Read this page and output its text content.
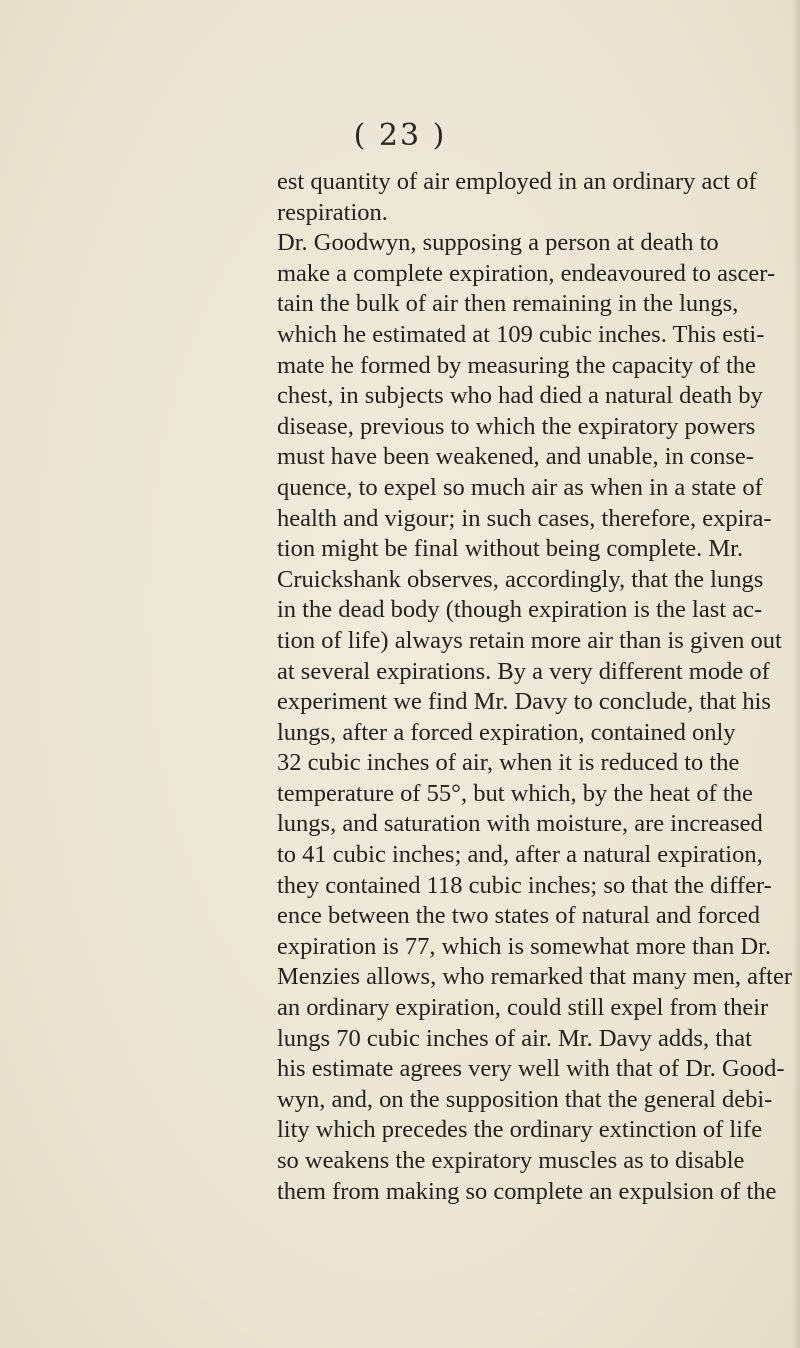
( 23 )
est quantity of air employed in an ordinary act of
respiration.
Dr. Goodwyn, supposing a person at death to
make a complete expiration, endeavoured to ascer-
tain the bulk of air then remaining in the lungs,
which he estimated at 109 cubic inches. This esti-
mate he formed by measuring the capacity of the
chest, in subjects who had died a natural death by
disease, previous to which the expiratory powers
must have been weakened, and unable, in conse-
quence, to expel so much air as when in a state of
health and vigour; in such cases, therefore, expira-
tion might be final without being complete. Mr.
Cruickshank observes, accordingly, that the lungs
in the dead body (though expiration is the last ac-
tion of life) always retain more air than is given out
at several expirations. By a very different mode of
experiment we find Mr. Davy to conclude, that his
lungs, after a forced expiration, contained only
32 cubic inches of air, when it is reduced to the
temperature of 55°, but which, by the heat of the
lungs, and saturation with moisture, are increased
to 41 cubic inches; and, after a natural expiration,
they contained 118 cubic inches; so that the differ-
ence between the two states of natural and forced
expiration is 77, which is somewhat more than Dr.
Menzies allows, who remarked that many men, after
an ordinary expiration, could still expel from their
lungs 70 cubic inches of air. Mr. Davy adds, that
his estimate agrees very well with that of Dr. Good-
wyn, and, on the supposition that the general debi-
lity which precedes the ordinary extinction of life
so weakens the expiratory muscles as to disable
them from making so complete an expulsion of the
